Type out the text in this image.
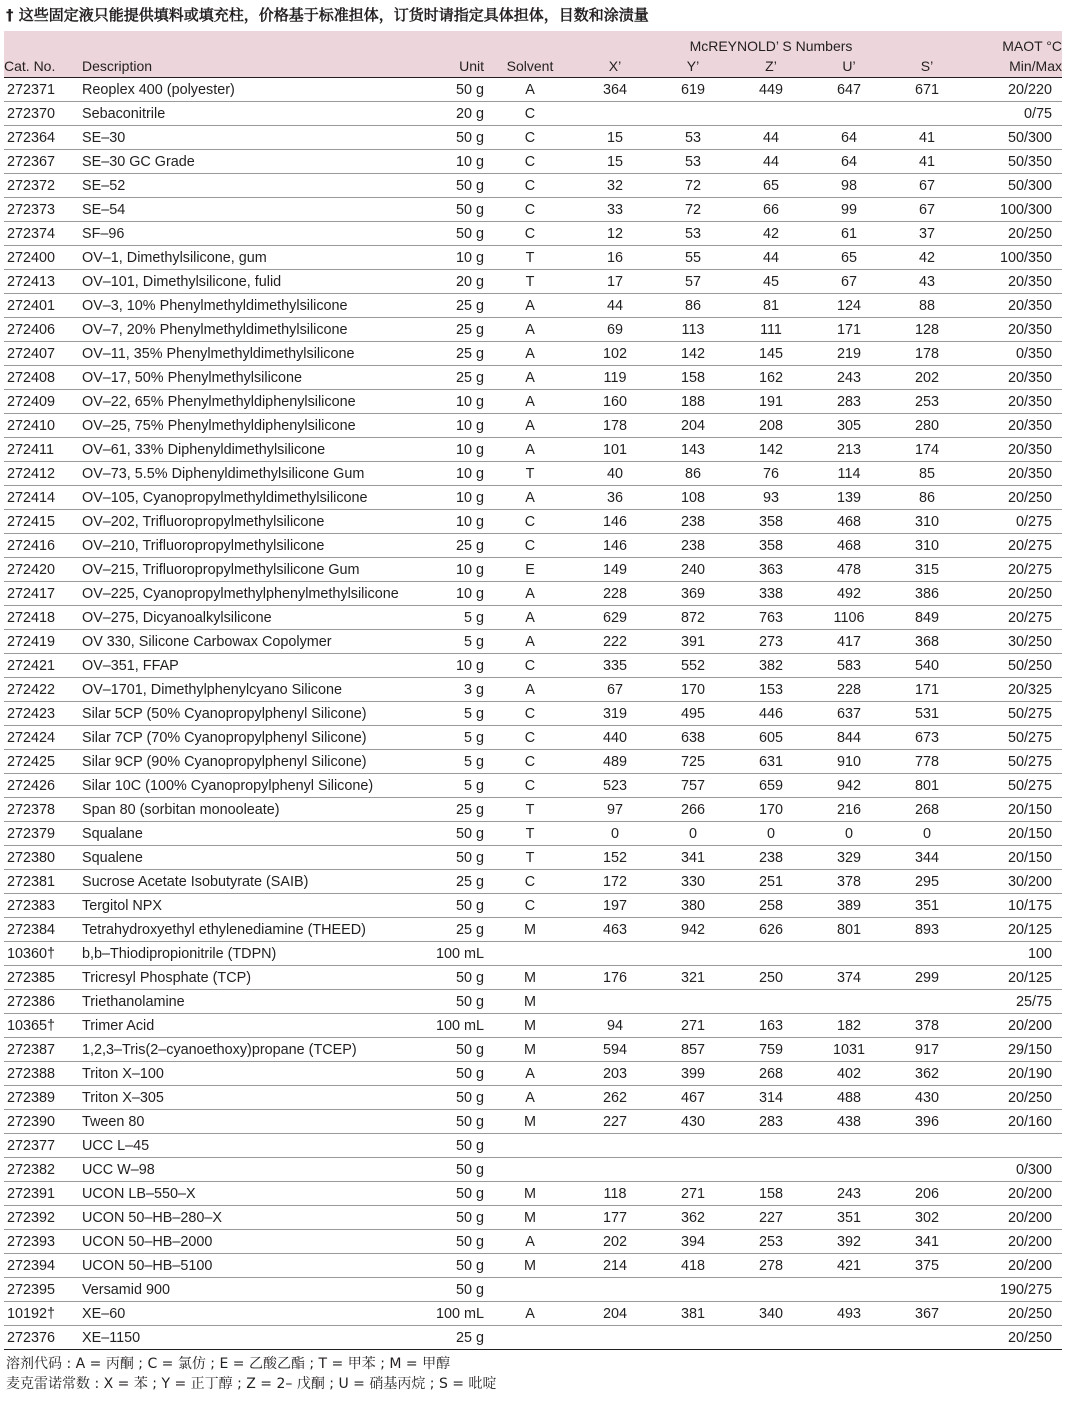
† 这些固定液只能提供填料或填充柱，价格基于标准担体，订货时请指定具体担体，目数和涂渍量
				McREYNOLD’ S Numbers					MAOT °C
Cat. No.	Description	Unit	Solvent	X’	Y’	Z’	U’	S’	Min/Max
272371	Reoplex 400 (polyester)	50 g	A	364	619	449	647	671	20/220
272370	Sebaconitrile	20 g	C						0/75
272364	SE–30	50 g	C	15	53	44	64	41	50/300
272367	SE–30 GC Grade	10 g	C	15	53	44	64	41	50/350
272372	SE–52	50 g	C	32	72	65	98	67	50/300
272373	SE–54	50 g	C	33	72	66	99	67	100/300
272374	SF–96	50 g	C	12	53	42	61	37	20/250
272400	OV–1, Dimethylsilicone, gum	10 g	T	16	55	44	65	42	100/350
272413	OV–101, Dimethylsilicone, fulid	20 g	T	17	57	45	67	43	20/350
272401	OV–3, 10% Phenylmethyldimethylsilicone	25 g	A	44	86	81	124	88	20/350
272406	OV–7, 20% Phenylmethyldimethylsilicone	25 g	A	69	113	111	171	128	20/350
272407	OV–11, 35% Phenylmethyldimethylsilicone	25 g	A	102	142	145	219	178	0/350
272408	OV–17, 50% Phenylmethylsilicone	25 g	A	119	158	162	243	202	20/350
272409	OV–22, 65% Phenylmethyldiphenylsilicone	10 g	A	160	188	191	283	253	20/350
272410	OV–25, 75% Phenylmethyldiphenylsilicone	10 g	A	178	204	208	305	280	20/350
272411	OV–61, 33% Diphenyldimethylsilicone	10 g	A	101	143	142	213	174	20/350
272412	OV–73, 5.5% Diphenyldimethylsilicone Gum	10 g	T	40	86	76	114	85	20/350
272414	OV–105, Cyanopropylmethyldimethylsilicone	10 g	A	36	108	93	139	86	20/250
272415	OV–202, Trifluoropropylmethylsilicone	10 g	C	146	238	358	468	310	0/275
272416	OV–210, Trifluoropropylmethylsilicone	25 g	C	146	238	358	468	310	20/275
272420	OV–215, Trifluoropropylmethylsilicone Gum	10 g	E	149	240	363	478	315	20/275
272417	OV–225, Cyanopropylmethylphenylmethylsilicone	10 g	A	228	369	338	492	386	20/250
272418	OV–275, Dicyanoalkylsilicone	5 g	A	629	872	763	1106	849	20/275
272419	OV 330, Silicone Carbowax Copolymer	5 g	A	222	391	273	417	368	30/250
272421	OV–351, FFAP	10 g	C	335	552	382	583	540	50/250
272422	OV–1701, Dimethylphenylcyano Silicone	3 g	A	67	170	153	228	171	20/325
272423	Silar 5CP (50% Cyanopropylphenyl Silicone)	5 g	C	319	495	446	637	531	50/275
272424	Silar 7CP (70% Cyanopropylphenyl Silicone)	5 g	C	440	638	605	844	673	50/275
272425	Silar 9CP (90% Cyanopropylphenyl Silicone)	5 g	C	489	725	631	910	778	50/275
272426	Silar 10C (100% Cyanopropylphenyl Silicone)	5 g	C	523	757	659	942	801	50/275
272378	Span 80 (sorbitan monooleate)	25 g	T	97	266	170	216	268	20/150
272379	Squalane	50 g	T	0	0	0	0	0	20/150
272380	Squalene	50 g	T	152	341	238	329	344	20/150
272381	Sucrose Acetate Isobutyrate (SAIB)	25 g	C	172	330	251	378	295	30/200
272383	Tergitol NPX	50 g	C	197	380	258	389	351	10/175
272384	Tetrahydroxyethyl ethylenediamine (THEED)	25 g	M	463	942	626	801	893	20/125
10360†	b,b–Thiodipropionitrile (TDPN)	100 mL							100
272385	Tricresyl Phosphate (TCP)	50 g	M	176	321	250	374	299	20/125
272386	Triethanolamine	50 g	M						25/75
10365†	Trimer Acid	100 mL	M	94	271	163	182	378	20/200
272387	1,2,3–Tris(2–cyanoethoxy)propane (TCEP)	50 g	M	594	857	759	1031	917	29/150
272388	Triton X–100	50 g	A	203	399	268	402	362	20/190
272389	Triton X–305	50 g	A	262	467	314	488	430	20/250
272390	Tween 80	50 g	M	227	430	283	438	396	20/160
272377	UCC L–45	50 g							
272382	UCC W–98	50 g							0/300
272391	UCON LB–550–X	50 g	M	118	271	158	243	206	20/200
272392	UCON 50–HB–280–X	50 g	M	177	362	227	351	302	20/200
272393	UCON 50–HB–2000	50 g	A	202	394	253	392	341	20/200
272394	UCON 50–HB–5100	50 g	M	214	418	278	421	375	20/200
272395	Versamid 900	50 g							190/275
10192†	XE–60	100 mL	A	204	381	340	493	367	20/250
272376	XE–1150	25 g							20/250
溶剂代码 : A = 丙酮 ; C = 氯仿 ; E = 乙酸乙酯 ; T = 甲苯 ; M = 甲醇
麦克雷诺常数 : X = 苯 ; Y = 正丁醇 ; Z = 2– 戊酮 ; U = 硝基丙烷 ; S = 吡啶
